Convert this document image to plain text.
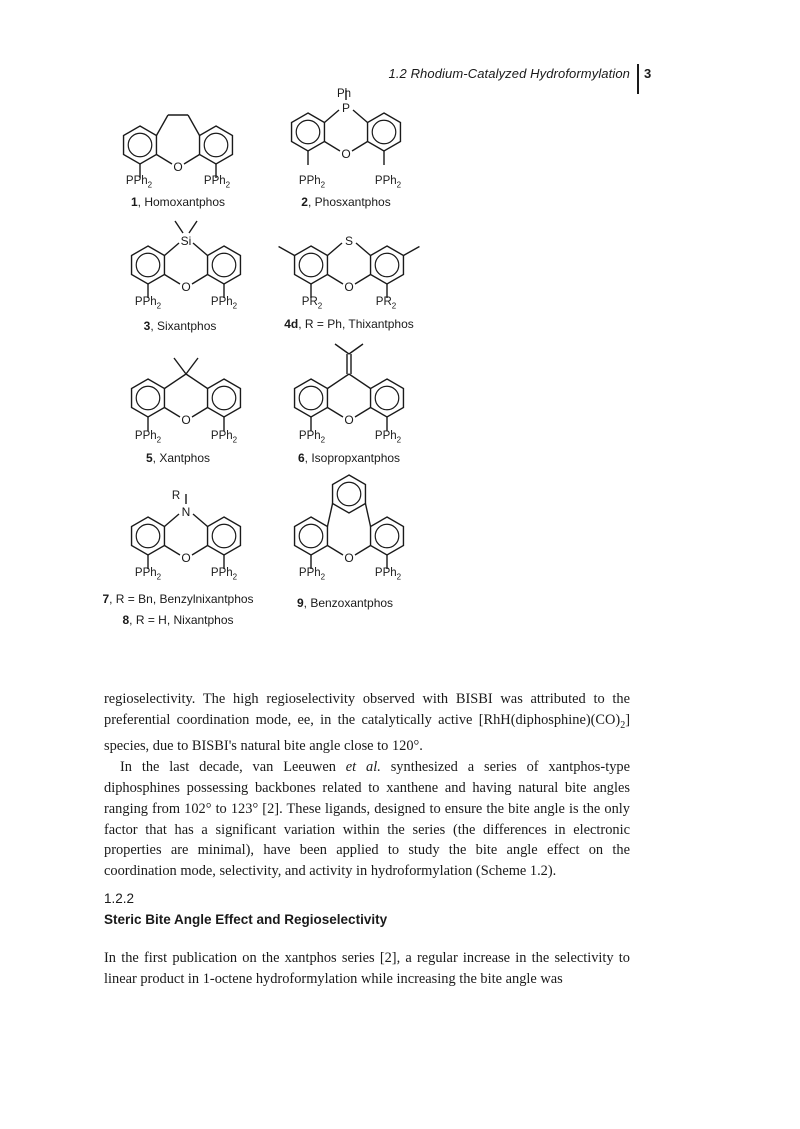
1.2 Rhodium-Catalyzed Hydroformylation 3
O
O
P
O
Si
O
S
O	O
O
N
O
PPh$_2$	PPh$_2$
1, Homoxantphos
Ph
PPh$_2$	PPh$_2$
2, Phosxantphos
PPh$_2$	PPh$_2$
3, Sixantphos
$PR_2$	$PR_2$
4d, R = Ph, Thixantphos
PPh$_2$	PPh$_2$
5, Xantphos
PPh$_2$	PPh$_2$
6, Isopropxantphos
R
PPh$_2$	PPh$_2$
7, R = Bn, Benzylnixantphos
8, R = H, Nixantphos
PPh$_2$	PPh$_2$
9, Benzoxantphos

regioselectivity. The high regioselectivity observed with BISBI was attributed to the preferential coordination mode, ee, in the catalytically active $[RhH(diphosphine)(CO)_2]$ species, due to BISBI's natural bite angle close to 120°.

In the last decade, van Leeuwen et al. synthesized a series of xantphos-type diphosphines possessing backbones related to xanthene and having natural bite angles ranging from 102° to 123° [2]. These ligands, designed to ensure the bite angle is the only factor that has a significant variation within the series (the differences in electronic properties are minimal), have been applied to study the bite angle effect on the coordination mode, selectivity, and activity in hydroformylation (Scheme 1.2).

1.2.2
Steric Bite Angle Effect and Regioselectivity

In the first publication on the xantphos series [2], a regular increase in the selectivity to linear product in 1-octene hydroformylation while increasing the bite angle was
